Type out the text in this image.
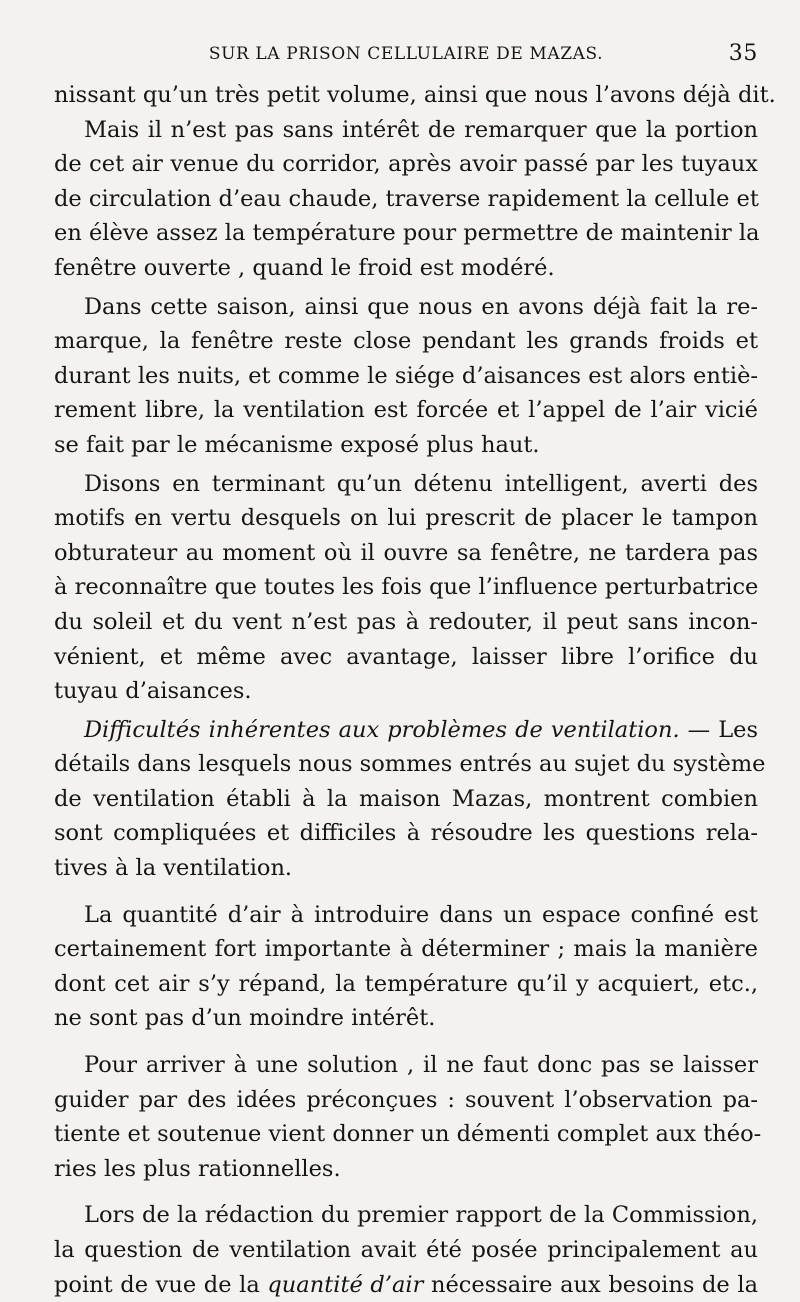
SUR LA PRISON CELLULAIRE DE MAZAS.	35
nissant qu’un très petit volume, ainsi que nous l’avons déjà dit.
Mais il n’est pas sans intérêt de remarquer que la portion
de cet air venue du corridor, après avoir passé par les tuyaux
de circulation d’eau chaude, traverse rapidement la cellule et
en élève assez la température pour permettre de maintenir la
fenêtre ouverte , quand le froid est modéré.
Dans cette saison, ainsi que nous en avons déjà fait la re-
marque, la fenêtre reste close pendant les grands froids et
durant les nuits, et comme le siége d’aisances est alors entiè-
rement libre, la ventilation est forcée et l’appel de l’air vicié
se fait par le mécanisme exposé plus haut.
Disons en terminant qu’un détenu intelligent, averti des
motifs en vertu desquels on lui prescrit de placer le tampon
obturateur au moment où il ouvre sa fenêtre, ne tardera pas
à reconnaître que toutes les fois que l’influence perturbatrice
du soleil et du vent n’est pas à redouter, il peut sans incon-
vénient, et même avec avantage, laisser libre l’orifice du
tuyau d’aisances.
Difficultés inhérentes aux problèmes de ventilation. — Les
détails dans lesquels nous sommes entrés au sujet du système
de ventilation établi à la maison Mazas, montrent combien
sont compliquées et difficiles à résoudre les questions rela-
tives à la ventilation.
La quantité d’air à introduire dans un espace confiné est
certainement fort importante à déterminer ; mais la manière
dont cet air s’y répand, la température qu’il y acquiert, etc.,
ne sont pas d’un moindre intérêt.
Pour arriver à une solution , il ne faut donc pas se laisser
guider par des idées préconçues : souvent l’observation pa-
tiente et soutenue vient donner un démenti complet aux théo-
ries les plus rationnelles.
Lors de la rédaction du premier rapport de la Commission,
la question de ventilation avait été posée principalement au
point de vue de la quantité d’air nécessaire aux besoins de la
